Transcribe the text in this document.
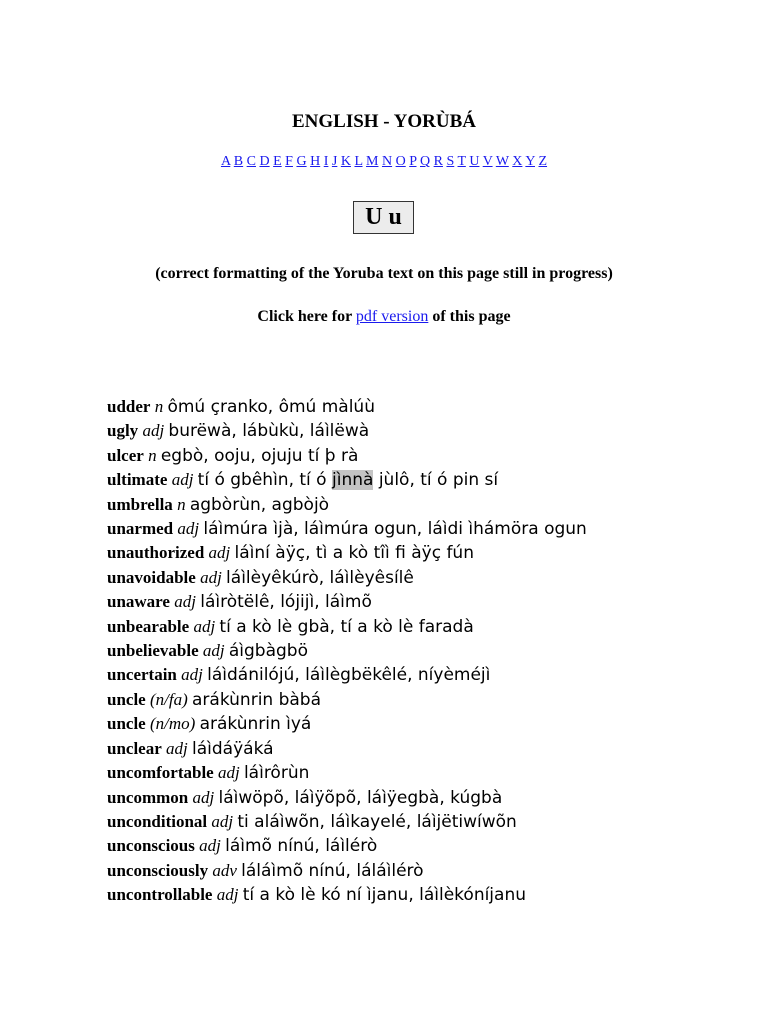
ENGLISH - YORÙBÁ
A B C D E F G H I J K L M N O P Q R S T U V W X Y Z
U u
(correct formatting of the Yoruba text on this page still in progress)
Click here for pdf version of this page
udder n ômú çranko, ômú màlúù
ugly adj burëwà, lábùkù, láìlëwà
ulcer n egbò, ooju, ojuju tí þ rà
ultimate adj tí ó gbêhìn, tí ó jìnnà jùlô, tí ó pin sí
umbrella n agbòrùn, agbòjò
unarmed adj láìmúra ìjà, láìmúra ogun, láìdi ìhámöra ogun
unauthorized adj láìní àÿç, tì a kò tîì fi àÿç fún
unavoidable adj láìlèyêkúrò, láìlèyêsílê
unaware adj láìròtëlê, lójijì, láìmõ
unbearable adj tí a kò lè gbà, tí a kò lè faradà
unbelievable adj áìgbàgbö
uncertain adj láìdánilójú, láìlègbëkêlé, níyèméjì
uncle (n/fa) arákùnrin bàbá
uncle (n/mo) arákùnrin ìyá
unclear adj láìdáÿáká
uncomfortable adj láìrôrùn
uncommon adj láìwöpõ, láìÿõpõ, láìÿegbà, kúgbà
unconditional adj ti aláìwõn, láìkayelé, láìjëtiwíwõn
unconscious adj láìmõ nínú, láìlérò
unconsciously adv láláìmõ nínú, láláìlérò
uncontrollable adj tí a kò lè kó ní ìjanu, láìlèkóníjanu
